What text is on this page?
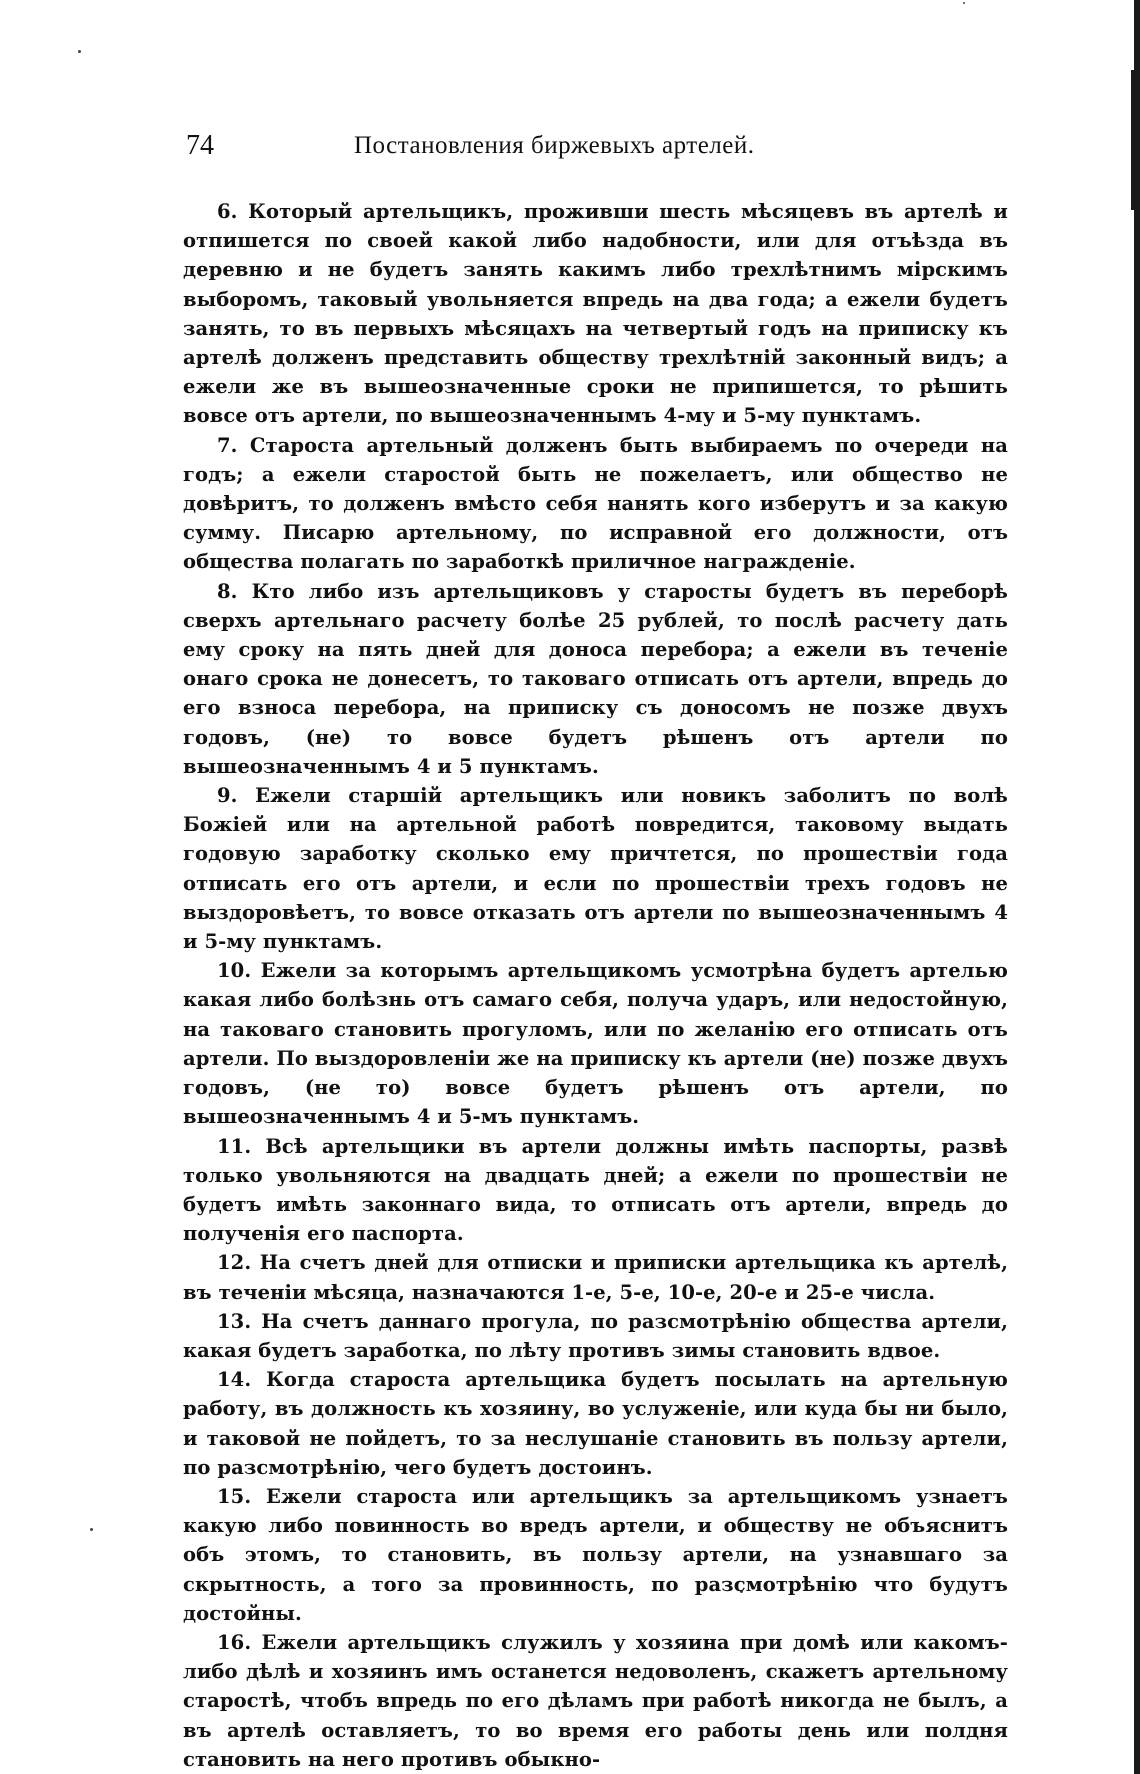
74	Постановления биржевыхъ артелей.

6. Который артельщикъ, проживши шесть мѣсяцевъ въ артелѣ и отпишется по своей какой либо надобности, или для отъѣзда въ деревню и не будетъ занять какимъ либо трехлѣтнимъ мірскимъ выборомъ, таковый увольняется впредь на два года; а ежели будетъ занять, то въ первыхъ мѣсяцахъ на четвертый годъ на приписку къ артелѣ долженъ представить обществу трехлѣтній законный видъ; а ежели же въ вышеозначенные сроки не припишется, то рѣшить вовсе отъ артели, по вышеозначеннымъ 4-му и 5-му пунктамъ.

7. Староста артельный долженъ быть выбираемъ по очереди на годъ; а ежели старостой быть не пожелаетъ, или общество не довѣритъ, то долженъ вмѣсто себя нанять кого изберутъ и за какую сумму. Писарю артельному, по исправной его должности, отъ общества полагать по заработкѣ приличное награжденіе.

8. Кто либо изъ артельщиковъ у старосты будетъ въ переборѣ сверхъ артельнаго расчету болѣе 25 рублей, то послѣ расчету дать ему сроку на пять дней для доноса перебора; а ежели въ теченіе онаго срока не донесетъ, то таковаго отписать отъ артели, впредь до его взноса перебора, на приписку съ доносомъ не позже двухъ годовъ, (не) то вовсе будетъ рѣшенъ отъ артели по вышеозначеннымъ 4 и 5 пунктамъ.

9. Ежели старшій артельщикъ или новикъ заболитъ по волѣ Божіей или на артельной работѣ повредится, таковому выдать годовую заработку сколько ему причтется, по прошествіи года отписать его отъ артели, и если по прошествіи трехъ годовъ не выздоровѣетъ, то вовсе отказать отъ артели по вышеозначеннымъ 4 и 5-му пунктамъ.

10. Ежели за которымъ артельщикомъ усмотрѣна будетъ артелью какая либо болѣзнь отъ самаго себя, получа ударъ, или недостойную, на таковаго становить прогуломъ, или по желанію его отписать отъ артели. По выздоровленіи же на приписку къ артели (не) позже двухъ годовъ, (не то) вовсе будетъ рѣшенъ отъ артели, по вышеозначеннымъ 4 и 5-мъ пунктамъ.

11. Всѣ артельщики въ артели должны имѣть паспорты, развѣ только увольняются на двадцать дней; а ежели по прошествіи не будетъ имѣть законнаго вида, то отписать отъ артели, впредь до полученія его паспорта.

12. На счетъ дней для отписки и приписки артельщика къ артелѣ, въ теченіи мѣсяца, назначаются 1-е, 5-е, 10-е, 20-е и 25-е числа.

13. На счетъ даннаго прогула, по разсмотрѣнію общества артели, какая будетъ заработка, по лѣту противъ зимы становить вдвое.

14. Когда староста артельщика будетъ посылать на артельную работу, въ должность къ хозяину, во услуженіе, или куда бы ни было, и таковой не пойдетъ, то за неслушаніе становить въ пользу артели, по разсмотрѣнію, чего будетъ достоинъ.

15. Ежели староста или артельщикъ за артельщикомъ узнаетъ какую либо повинность во вредъ артели, и обществу не объяснитъ объ этомъ, то становить, въ пользу артели, на узнавшаго за скрытность, а того за провинность, по разсмотрѣнію что будутъ достойны.

16. Ежели артельщикъ служилъ у хозяина при домѣ или какомъ-либо дѣлѣ и хозяинъ имъ останется недоволенъ, скажетъ артельному старостѣ, чтобъ впредь по его дѣламъ при работѣ никогда не былъ, а въ артелѣ оставляетъ, то во время его работы день или полдня становить на него противъ обыкно-
